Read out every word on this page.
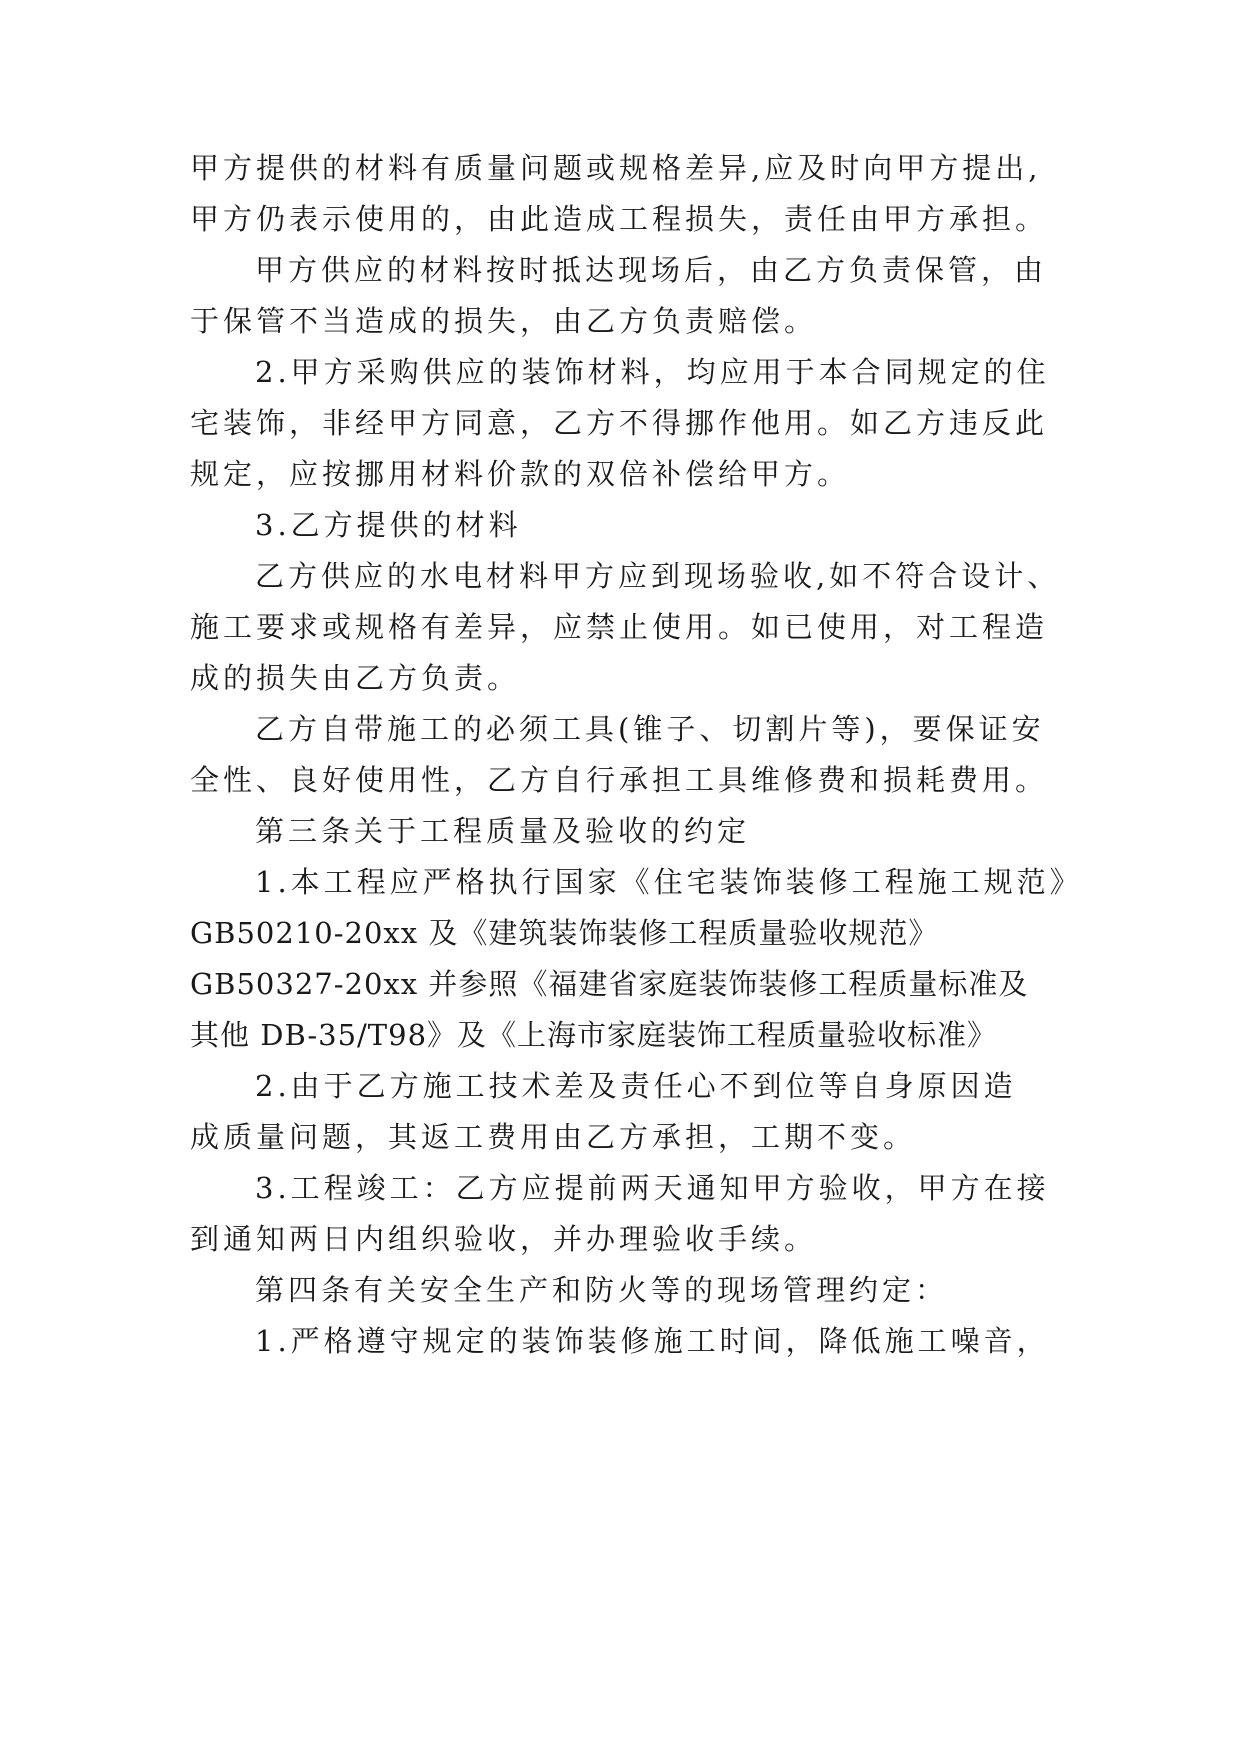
甲方提供的材料有质量问题或规格差异,应及时向甲方提出,
甲方仍表示使用的，由此造成工程损失，责任由甲方承担。
甲方供应的材料按时抵达现场后，由乙方负责保管，由
于保管不当造成的损失，由乙方负责赔偿。
2.甲方采购供应的装饰材料，均应用于本合同规定的住
宅装饰，非经甲方同意，乙方不得挪作他用。如乙方违反此
规定，应按挪用材料价款的双倍补偿给甲方。
3.乙方提供的材料
乙方供应的水电材料甲方应到现场验收,如不符合设计、
施工要求或规格有差异，应禁止使用。如已使用，对工程造
成的损失由乙方负责。
乙方自带施工的必须工具(锥子、切割片等)，要保证安
全性、良好使用性，乙方自行承担工具维修费和损耗费用。
第三条关于工程质量及验收的约定
1.本工程应严格执行国家《住宅装饰装修工程施工规范》
GB50210-20xx 及《建筑装饰装修工程质量验收规范》
GB50327-20xx 并参照《福建省家庭装饰装修工程质量标准及
其他 DB-35/T98》及《上海市家庭装饰工程质量验收标准》
2.由于乙方施工技术差及责任心不到位等自身原因造
成质量问题，其返工费用由乙方承担，工期不变。
3.工程竣工：乙方应提前两天通知甲方验收，甲方在接
到通知两日内组织验收，并办理验收手续。
第四条有关安全生产和防火等的现场管理约定：
1.严格遵守规定的装饰装修施工时间，降低施工噪音，
